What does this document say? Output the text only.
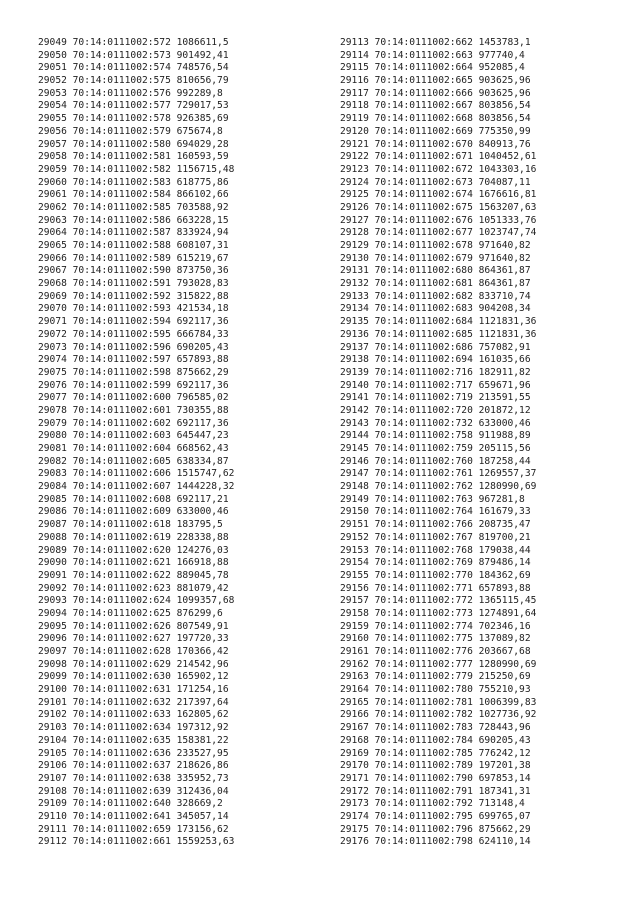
29049 70:14:0111002:572 1086611,5
29050 70:14:0111002:573 901492,41
29051 70:14:0111002:574 748576,54
29052 70:14:0111002:575 810656,79
29053 70:14:0111002:576 992289,8
29054 70:14:0111002:577 729017,53
29055 70:14:0111002:578 926385,69
29056 70:14:0111002:579 675674,8
29057 70:14:0111002:580 694029,28
29058 70:14:0111002:581 160593,59
29059 70:14:0111002:582 1156715,48
29060 70:14:0111002:583 618775,86
29061 70:14:0111002:584 866102,66
29062 70:14:0111002:585 703588,92
29063 70:14:0111002:586 663228,15
29064 70:14:0111002:587 833924,94
29065 70:14:0111002:588 608107,31
29066 70:14:0111002:589 615219,67
29067 70:14:0111002:590 873750,36
29068 70:14:0111002:591 793028,83
29069 70:14:0111002:592 315822,88
29070 70:14:0111002:593 421534,18
29071 70:14:0111002:594 692117,36
29072 70:14:0111002:595 666784,33
29073 70:14:0111002:596 690205,43
29074 70:14:0111002:597 657893,88
29075 70:14:0111002:598 875662,29
29076 70:14:0111002:599 692117,36
29077 70:14:0111002:600 796585,02
29078 70:14:0111002:601 730355,88
29079 70:14:0111002:602 692117,36
29080 70:14:0111002:603 645447,23
29081 70:14:0111002:604 668562,43
29082 70:14:0111002:605 638334,87
29083 70:14:0111002:606 1515747,62
29084 70:14:0111002:607 1444228,32
29085 70:14:0111002:608 692117,21
29086 70:14:0111002:609 633000,46
29087 70:14:0111002:618 183795,5
29088 70:14:0111002:619 228338,88
29089 70:14:0111002:620 124276,03
29090 70:14:0111002:621 166918,88
29091 70:14:0111002:622 889045,78
29092 70:14:0111002:623 881079,42
29093 70:14:0111002:624 1099357,68
29094 70:14:0111002:625 876299,6
29095 70:14:0111002:626 807549,91
29096 70:14:0111002:627 197720,33
29097 70:14:0111002:628 170366,42
29098 70:14:0111002:629 214542,96
29099 70:14:0111002:630 165902,12
29100 70:14:0111002:631 171254,16
29101 70:14:0111002:632 217397,64
29102 70:14:0111002:633 162805,62
29103 70:14:0111002:634 197312,92
29104 70:14:0111002:635 158381,22
29105 70:14:0111002:636 233527,95
29106 70:14:0111002:637 218626,86
29107 70:14:0111002:638 335952,73
29108 70:14:0111002:639 312436,04
29109 70:14:0111002:640 328669,2
29110 70:14:0111002:641 345057,14
29111 70:14:0111002:659 173156,62
29112 70:14:0111002:661 1559253,63
29113 70:14:0111002:662 1453783,1
29114 70:14:0111002:663 977740,4
29115 70:14:0111002:664 952085,4
29116 70:14:0111002:665 903625,96
29117 70:14:0111002:666 903625,96
29118 70:14:0111002:667 803856,54
29119 70:14:0111002:668 803856,54
29120 70:14:0111002:669 775350,99
29121 70:14:0111002:670 840913,76
29122 70:14:0111002:671 1040452,61
29123 70:14:0111002:672 1043303,16
29124 70:14:0111002:673 704087,11
29125 70:14:0111002:674 1676616,81
29126 70:14:0111002:675 1563207,63
29127 70:14:0111002:676 1051333,76
29128 70:14:0111002:677 1023747,74
29129 70:14:0111002:678 971640,82
29130 70:14:0111002:679 971640,82
29131 70:14:0111002:680 864361,87
29132 70:14:0111002:681 864361,87
29133 70:14:0111002:682 833710,74
29134 70:14:0111002:683 904208,34
29135 70:14:0111002:684 1121831,36
29136 70:14:0111002:685 1121831,36
29137 70:14:0111002:686 757082,91
29138 70:14:0111002:694 161035,66
29139 70:14:0111002:716 182911,82
29140 70:14:0111002:717 659671,96
29141 70:14:0111002:719 213591,55
29142 70:14:0111002:720 201872,12
29143 70:14:0111002:732 633000,46
29144 70:14:0111002:758 911988,89
29145 70:14:0111002:759 205115,56
29146 70:14:0111002:760 187258,44
29147 70:14:0111002:761 1269557,37
29148 70:14:0111002:762 1280990,69
29149 70:14:0111002:763 967281,8
29150 70:14:0111002:764 161679,33
29151 70:14:0111002:766 208735,47
29152 70:14:0111002:767 819700,21
29153 70:14:0111002:768 179038,44
29154 70:14:0111002:769 879486,14
29155 70:14:0111002:770 184362,69
29156 70:14:0111002:771 657893,88
29157 70:14:0111002:772 1365115,45
29158 70:14:0111002:773 1274891,64
29159 70:14:0111002:774 702346,16
29160 70:14:0111002:775 137089,82
29161 70:14:0111002:776 203667,68
29162 70:14:0111002:777 1280990,69
29163 70:14:0111002:779 215250,69
29164 70:14:0111002:780 755210,93
29165 70:14:0111002:781 1006399,83
29166 70:14:0111002:782 1027736,92
29167 70:14:0111002:783 728443,96
29168 70:14:0111002:784 690205,43
29169 70:14:0111002:785 776242,12
29170 70:14:0111002:789 197201,38
29171 70:14:0111002:790 697853,14
29172 70:14:0111002:791 187341,31
29173 70:14:0111002:792 713148,4
29174 70:14:0111002:795 699765,07
29175 70:14:0111002:796 875662,29
29176 70:14:0111002:798 624110,14
